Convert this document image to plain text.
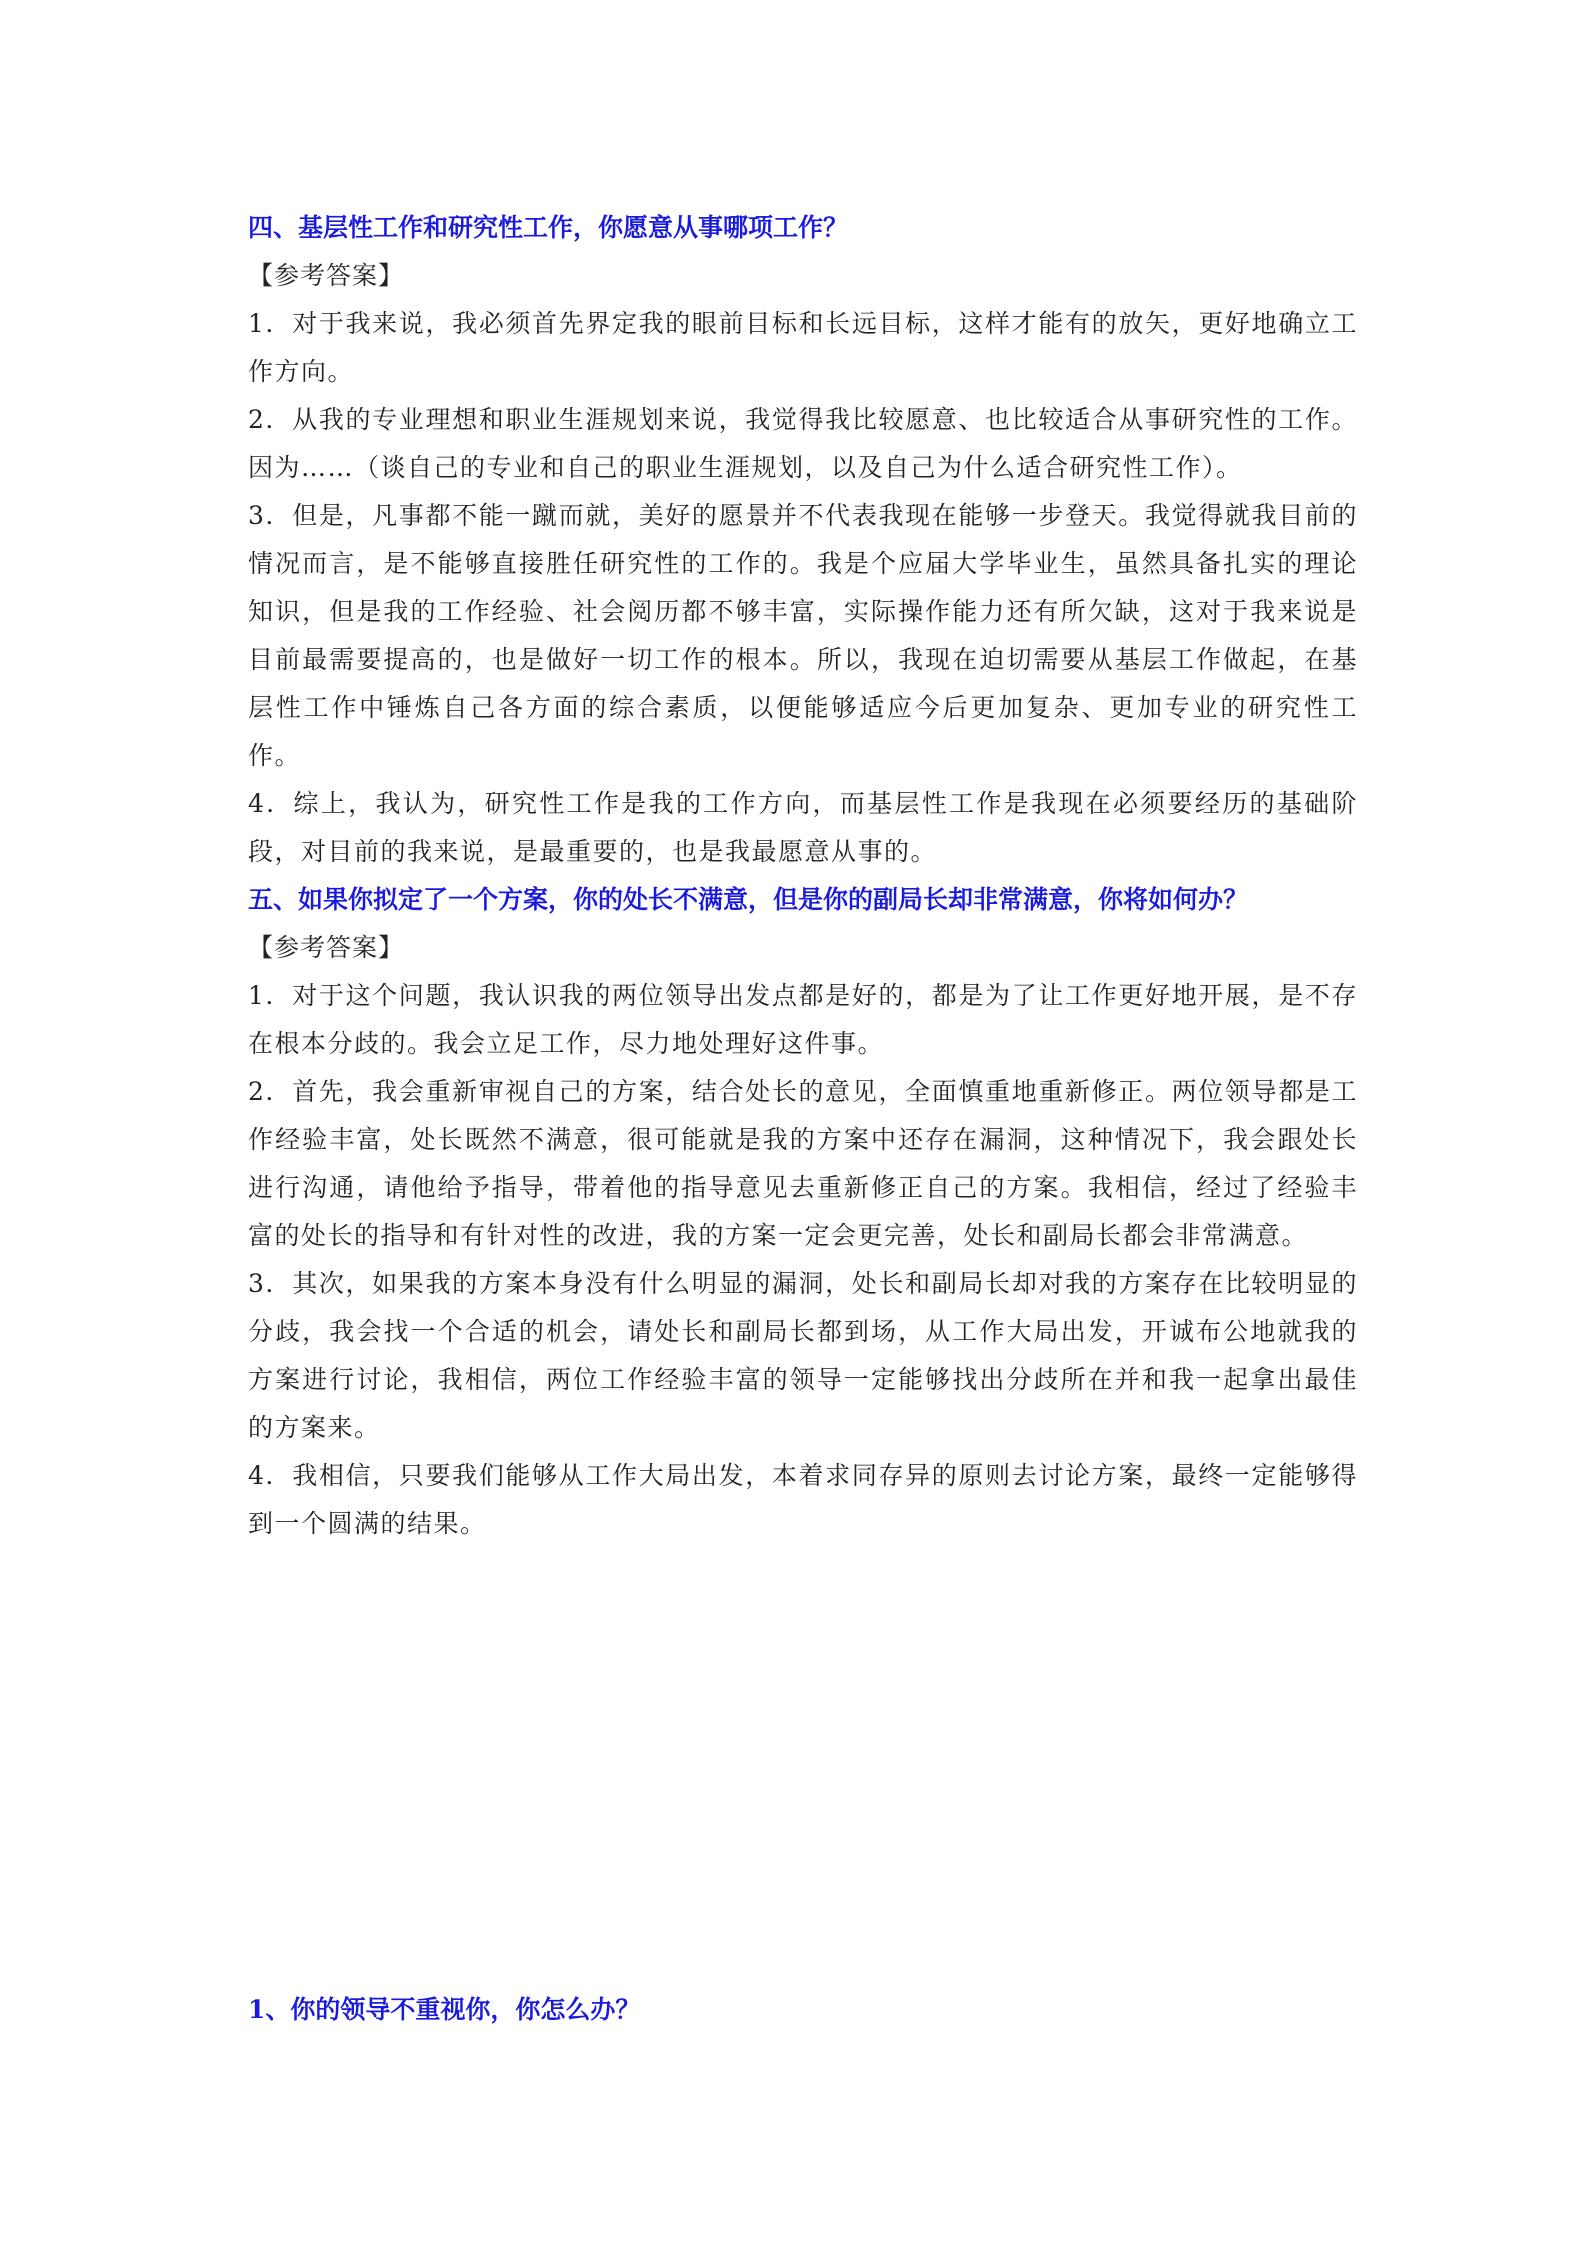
四、基层性工作和研究性工作，你愿意从事哪项工作？

【参考答案】

1．对于我来说，我必须首先界定我的眼前目标和长远目标，这样才能有的放矢，更好地确立工作方向。

2．从我的专业理想和职业生涯规划来说，我觉得我比较愿意、也比较适合从事研究性的工作。因为……（谈自己的专业和自己的职业生涯规划，以及自己为什么适合研究性工作）。

3．但是，凡事都不能一蹴而就，美好的愿景并不代表我现在能够一步登天。我觉得就我目前的情况而言，是不能够直接胜任研究性的工作的。我是个应届大学毕业生，虽然具备扎实的理论知识，但是我的工作经验、社会阅历都不够丰富，实际操作能力还有所欠缺，这对于我来说是目前最需要提高的，也是做好一切工作的根本。所以，我现在迫切需要从基层工作做起，在基层性工作中锤炼自己各方面的综合素质，以便能够适应今后更加复杂、更加专业的研究性工作。

4．综上，我认为，研究性工作是我的工作方向，而基层性工作是我现在必须要经历的基础阶段，对目前的我来说，是最重要的，也是我最愿意从事的。

五、如果你拟定了一个方案，你的处长不满意，但是你的副局长却非常满意，你将如何办？

【参考答案】

1．对于这个问题，我认识我的两位领导出发点都是好的，都是为了让工作更好地开展，是不存在根本分歧的。我会立足工作，尽力地处理好这件事。

2．首先，我会重新审视自己的方案，结合处长的意见，全面慎重地重新修正。两位领导都是工作经验丰富，处长既然不满意，很可能就是我的方案中还存在漏洞，这种情况下，我会跟处长进行沟通，请他给予指导，带着他的指导意见去重新修正自己的方案。我相信，经过了经验丰富的处长的指导和有针对性的改进，我的方案一定会更完善，处长和副局长都会非常满意。

3．其次，如果我的方案本身没有什么明显的漏洞，处长和副局长却对我的方案存在比较明显的分歧，我会找一个合适的机会，请处长和副局长都到场，从工作大局出发，开诚布公地就我的方案进行讨论，我相信，两位工作经验丰富的领导一定能够找出分歧所在并和我一起拿出最佳的方案来。

4．我相信，只要我们能够从工作大局出发，本着求同存异的原则去讨论方案，最终一定能够得到一个圆满的结果。

1、你的领导不重视你，你怎么办？
